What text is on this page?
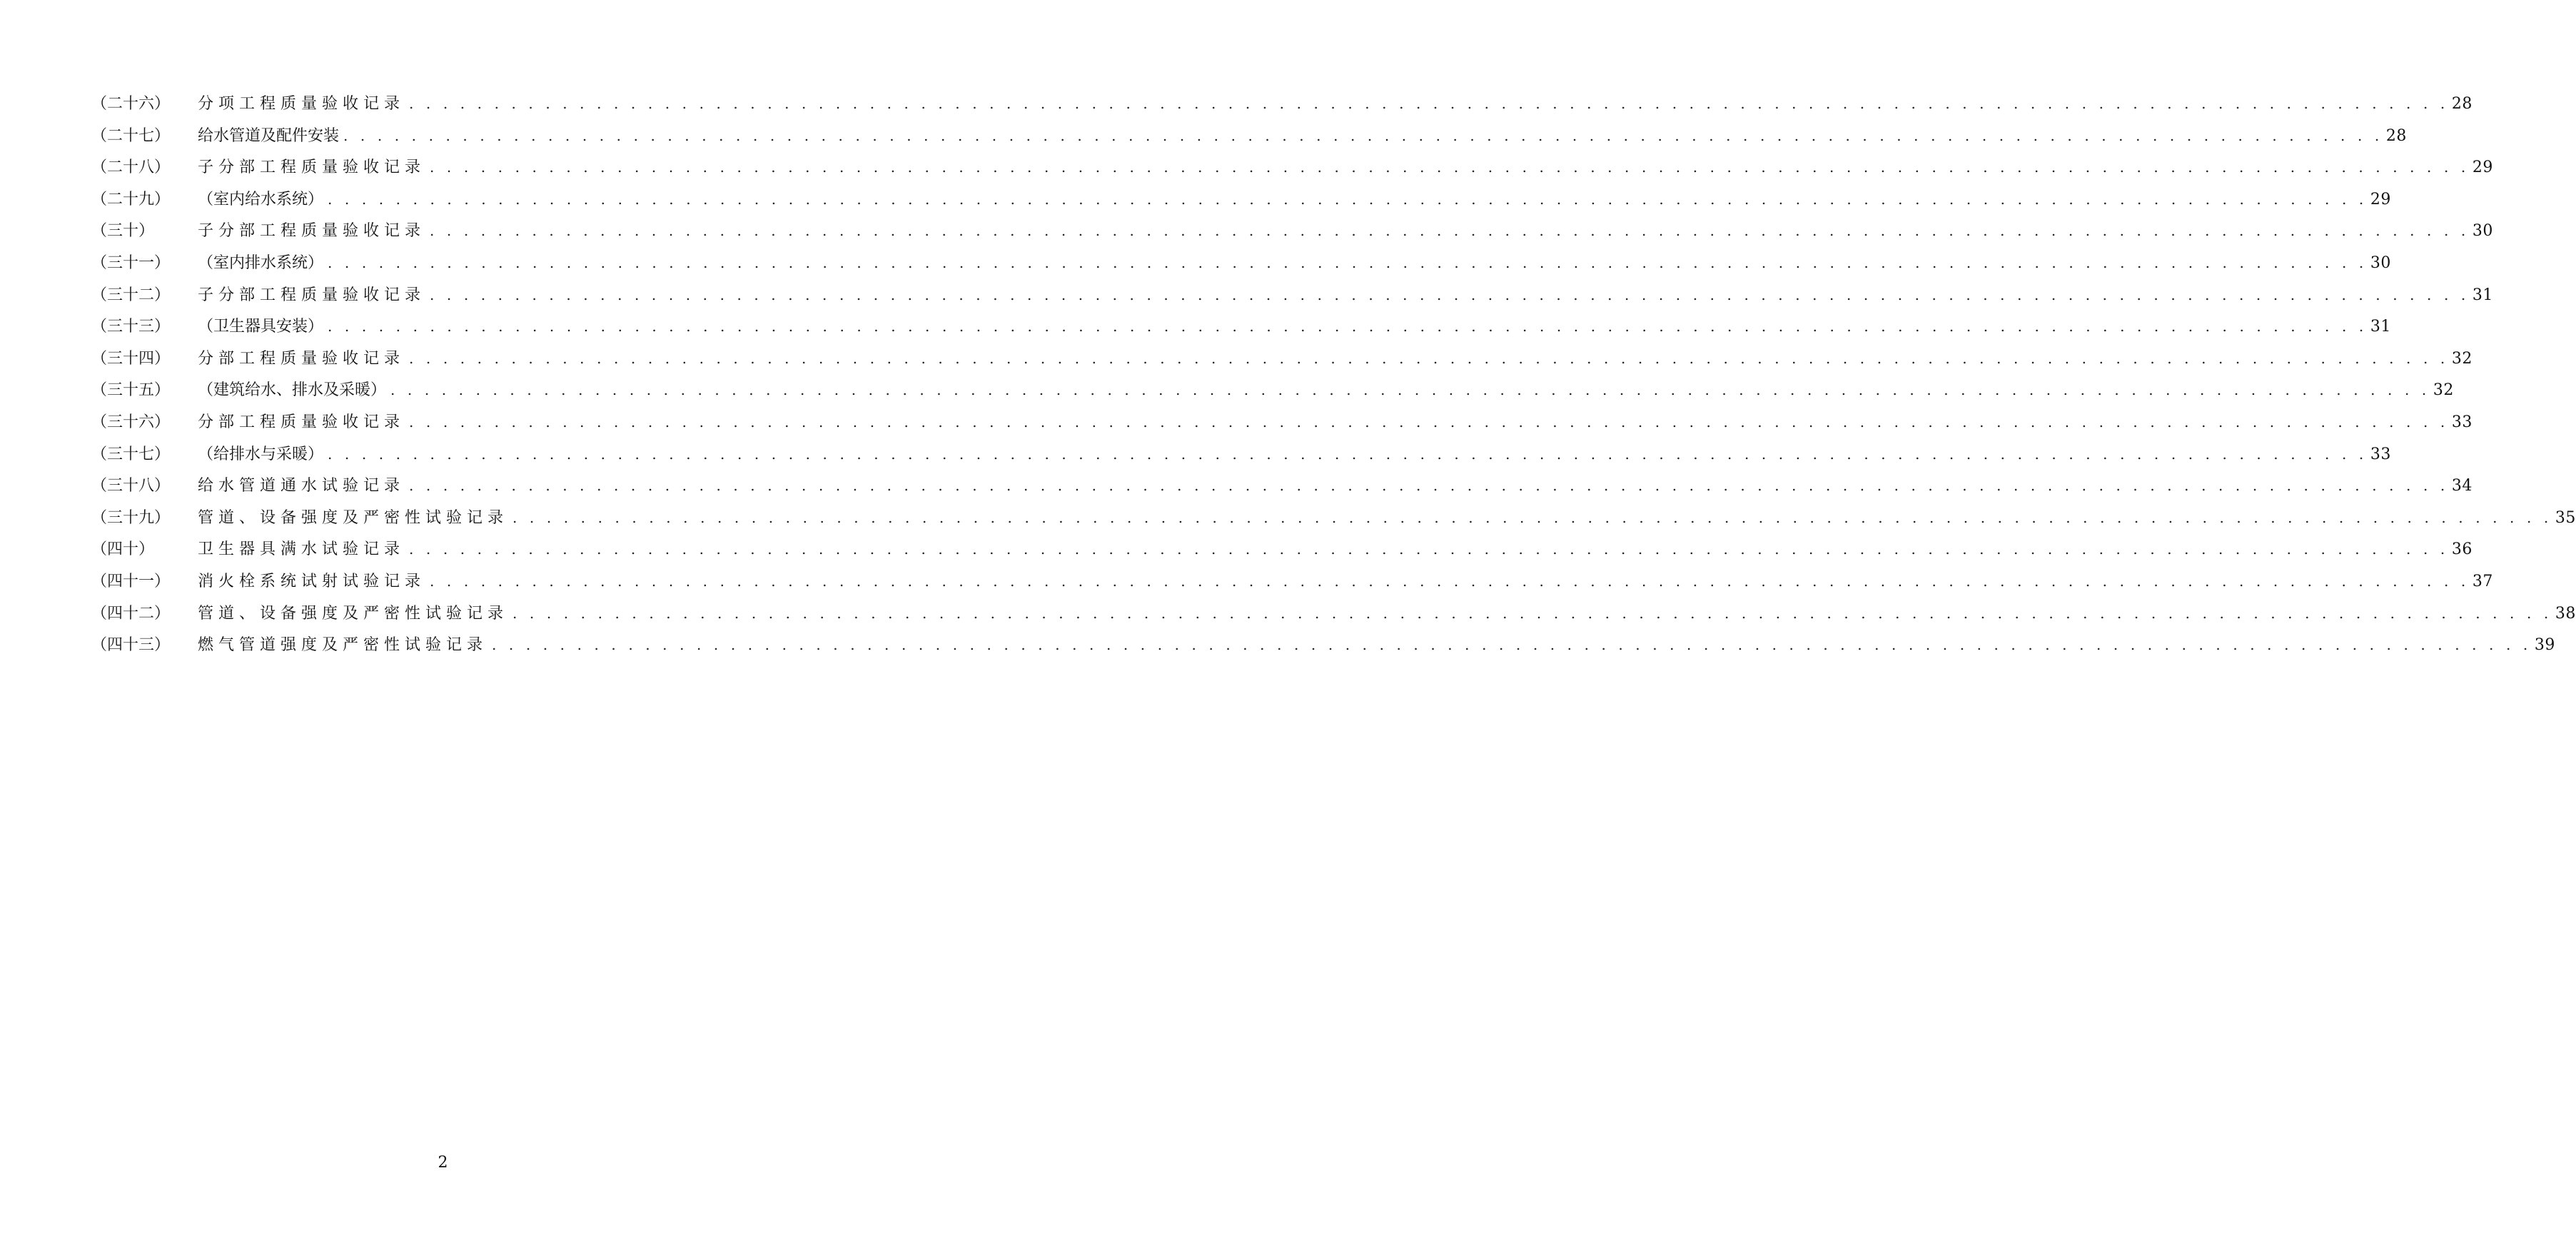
（二十六）	分项工程质量验收记录 . . . . . . . . . . . . . . . . . . . . . . . . . . . . . . . . . . . . . . . . . . . . . . . . . . . . . . . . . . . . . . . . . . . . . . . . . . . . . . . . . . . . . . . . . . . . . . . . . . . . . . . . . . . . . . . . . . . . . . . . 28
（二十七）	给水管道及配件安装 . . . . . . . . . . . . . . . . . . . . . . . . . . . . . . . . . . . . . . . . . . . . . . . . . . . . . . . . . . . . . . . . . . . . . . . . . . . . . . . . . . . . . . . . . . . . . . . . . . . . . . . . . . . . . . . . . . . . . . . . 28
（二十八）	子分部工程质量验收记录 . . . . . . . . . . . . . . . . . . . . . . . . . . . . . . . . . . . . . . . . . . . . . . . . . . . . . . . . . . . . . . . . . . . . . . . . . . . . . . . . . . . . . . . . . . . . . . . . . . . . . . . . . . . . . . . . . . . . . . . . 29
（二十九）	（室内给水系统） . . . . . . . . . . . . . . . . . . . . . . . . . . . . . . . . . . . . . . . . . . . . . . . . . . . . . . . . . . . . . . . . . . . . . . . . . . . . . . . . . . . . . . . . . . . . . . . . . . . . . . . . . . . . . . . . . . . . . . . . 29
（三十）	子分部工程质量验收记录 . . . . . . . . . . . . . . . . . . . . . . . . . . . . . . . . . . . . . . . . . . . . . . . . . . . . . . . . . . . . . . . . . . . . . . . . . . . . . . . . . . . . . . . . . . . . . . . . . . . . . . . . . . . . . . . . . . . . . . . . 30
（三十一）	（室内排水系统） . . . . . . . . . . . . . . . . . . . . . . . . . . . . . . . . . . . . . . . . . . . . . . . . . . . . . . . . . . . . . . . . . . . . . . . . . . . . . . . . . . . . . . . . . . . . . . . . . . . . . . . . . . . . . . . . . . . . . . . . 30
（三十二）	子分部工程质量验收记录 . . . . . . . . . . . . . . . . . . . . . . . . . . . . . . . . . . . . . . . . . . . . . . . . . . . . . . . . . . . . . . . . . . . . . . . . . . . . . . . . . . . . . . . . . . . . . . . . . . . . . . . . . . . . . . . . . . . . . . . . 31
（三十三）	（卫生器具安装） . . . . . . . . . . . . . . . . . . . . . . . . . . . . . . . . . . . . . . . . . . . . . . . . . . . . . . . . . . . . . . . . . . . . . . . . . . . . . . . . . . . . . . . . . . . . . . . . . . . . . . . . . . . . . . . . . . . . . . . . 31
（三十四）	分部工程质量验收记录 . . . . . . . . . . . . . . . . . . . . . . . . . . . . . . . . . . . . . . . . . . . . . . . . . . . . . . . . . . . . . . . . . . . . . . . . . . . . . . . . . . . . . . . . . . . . . . . . . . . . . . . . . . . . . . . . . . . . . . . . 32
（三十五）	（建筑给水、排水及采暖） . . . . . . . . . . . . . . . . . . . . . . . . . . . . . . . . . . . . . . . . . . . . . . . . . . . . . . . . . . . . . . . . . . . . . . . . . . . . . . . . . . . . . . . . . . . . . . . . . . . . . . . . . . . . . . . . . . . . . . . . 32
（三十六）	分部工程质量验收记录 . . . . . . . . . . . . . . . . . . . . . . . . . . . . . . . . . . . . . . . . . . . . . . . . . . . . . . . . . . . . . . . . . . . . . . . . . . . . . . . . . . . . . . . . . . . . . . . . . . . . . . . . . . . . . . . . . . . . . . . . 33
（三十七）	（给排水与采暖） . . . . . . . . . . . . . . . . . . . . . . . . . . . . . . . . . . . . . . . . . . . . . . . . . . . . . . . . . . . . . . . . . . . . . . . . . . . . . . . . . . . . . . . . . . . . . . . . . . . . . . . . . . . . . . . . . . . . . . . . 33
（三十八）	给水管道通水试验记录 . . . . . . . . . . . . . . . . . . . . . . . . . . . . . . . . . . . . . . . . . . . . . . . . . . . . . . . . . . . . . . . . . . . . . . . . . . . . . . . . . . . . . . . . . . . . . . . . . . . . . . . . . . . . . . . . . . . . . . . . 34
（三十九）	管道、设备强度及严密性试验记录 . . . . . . . . . . . . . . . . . . . . . . . . . . . . . . . . . . . . . . . . . . . . . . . . . . . . . . . . . . . . . . . . . . . . . . . . . . . . . . . . . . . . . . . . . . . . . . . . . . . . . . . . . . . . . . . . . . . . . . . . 35
（四十）	卫生器具满水试验记录 . . . . . . . . . . . . . . . . . . . . . . . . . . . . . . . . . . . . . . . . . . . . . . . . . . . . . . . . . . . . . . . . . . . . . . . . . . . . . . . . . . . . . . . . . . . . . . . . . . . . . . . . . . . . . . . . . . . . . . . . 36
（四十一）	消火栓系统试射试验记录 . . . . . . . . . . . . . . . . . . . . . . . . . . . . . . . . . . . . . . . . . . . . . . . . . . . . . . . . . . . . . . . . . . . . . . . . . . . . . . . . . . . . . . . . . . . . . . . . . . . . . . . . . . . . . . . . . . . . . . . . 37
（四十二）	管道、设备强度及严密性试验记录 . . . . . . . . . . . . . . . . . . . . . . . . . . . . . . . . . . . . . . . . . . . . . . . . . . . . . . . . . . . . . . . . . . . . . . . . . . . . . . . . . . . . . . . . . . . . . . . . . . . . . . . . . . . . . . . . . . . . . . . . 38
（四十三）	燃气管道强度及严密性试验记录 . . . . . . . . . . . . . . . . . . . . . . . . . . . . . . . . . . . . . . . . . . . . . . . . . . . . . . . . . . . . . . . . . . . . . . . . . . . . . . . . . . . . . . . . . . . . . . . . . . . . . . . . . . . . . . . . . . . . . . . . 39
2
